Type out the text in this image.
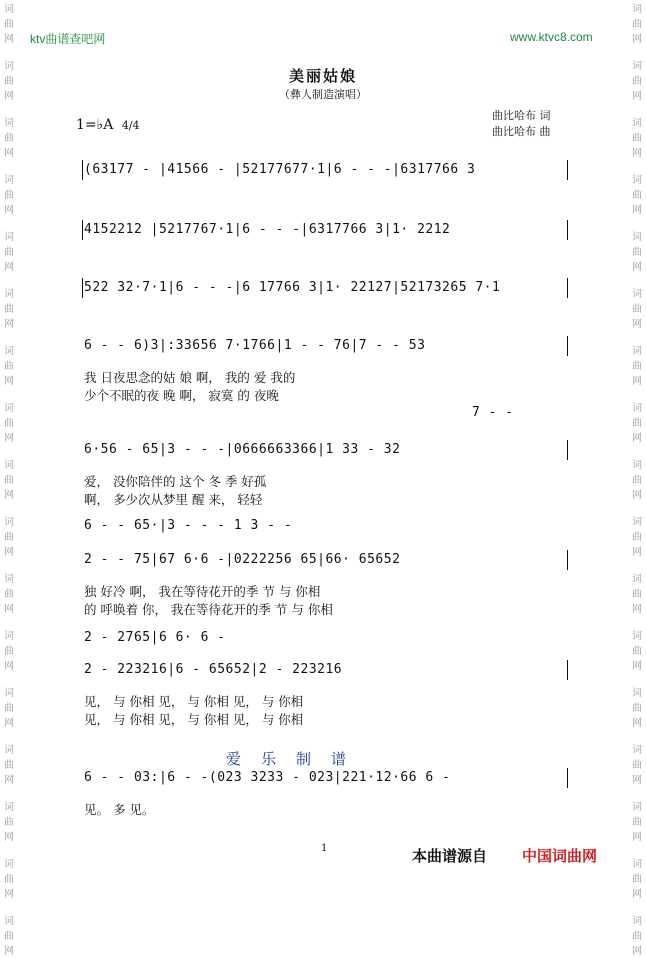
词曲网
词曲网
词曲网
词曲网
词曲网
词曲网
词曲网
词曲网
词曲网
词曲网
词曲网
词曲网
词曲网
词曲网
词曲网
词曲网
词曲网
词曲网
词曲网
词曲网
词曲网
词曲网
词曲网
词曲网
词曲网
词曲网
词曲网
词曲网
词曲网
词曲网
词曲网
词曲网
词曲网
词曲网
ktv曲谱查吧网	www.ktvc8.com
美丽姑娘
（彝人制造演唱）
曲比哈布 词
曲比哈布 曲
1=♭A 4/4
(63177 - |41566 - |52177677·1|6 - - -|6317766 3
4152212 |5217767·1|6 - - -|6317766 3|1· 2212
522 32·7·1|6 - - -|6 17766 3|1· 22127|52173265 7·1
6 - - 6)3|:33656 7·1766|1 - - 76|7 - - 53
我 日夜思念的姑 娘 啊， 我的 爱 我的
少个不眠的夜 晚 啊， 寂寞 的 夜晚
7 - -
6·56 - 65|3 - - -|0666663366|1 33 - 32
爱， 没你陪伴的 这个 冬 季 好孤
啊， 多少次从梦里 醒 来， 轻轻
6 - - 65·|3 - - - 1 3 - -
2 - - 75|67 6·6 -|0222256 65|66· 65652
独 好冷 啊， 我在等待花开的季 节 与 你相
的 呼唤着 你， 我在等待花开的季 节 与 你相
2 - 2765|6 6· 6 -
2 - 223216|6 - 65652|2 - 223216
见， 与 你相 见， 与 你相 见， 与 你相
见， 与 你相 见， 与 你相 见， 与 你相
6 - - 03:|6 - -(023 3233 - 023|221·12·66 6 -
见。 多 见。
爱乐制谱
1	本曲谱源自 中国词曲网
